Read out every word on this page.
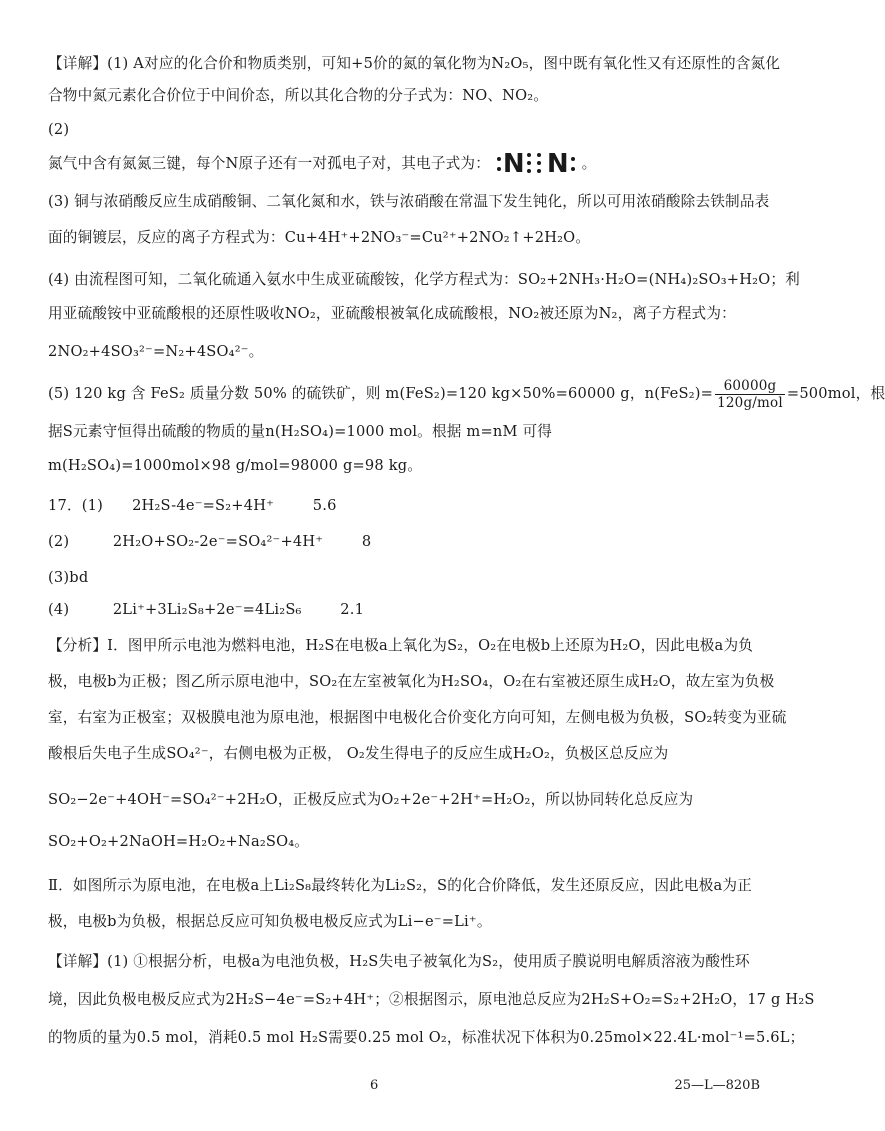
【详解】(1) A对应的化合价和物质类别，可知+5价的氮的氧化物为N₂O₅，图中既有氧化性又有还原性的含氮化
合物中氮元素化合价位于中间价态，所以其化合物的分子式为：NO、NO₂。
(2)
氮气中含有氮氮三键，每个N原子还有一对孤电子对，其电子式为： N N 。
(3) 铜与浓硝酸反应生成硝酸铜、二氧化氮和水，铁与浓硝酸在常温下发生钝化，所以可用浓硝酸除去铁制品表
面的铜镀层，反应的离子方程式为：Cu+4H⁺+2NO₃⁻=Cu²⁺+2NO₂↑+2H₂O。
(4) 由流程图可知，二氧化硫通入氨水中生成亚硫酸铵，化学方程式为：SO₂+2NH₃·H₂O=(NH₄)₂SO₃+H₂O；利
用亚硫酸铵中亚硫酸根的还原性吸收NO₂，亚硫酸根被氧化成硫酸根，NO₂被还原为N₂，离子方程式为：
2NO₂+4SO₃²⁻=N₂+4SO₄²⁻。
(5) 120 kg 含 FeS₂ 质量分数 50% 的硫铁矿，则 m(FeS₂)=120 kg×50%=60000 g，$n(FeS_2)= \frac{60000g}{\text{120g/mol}} =500mol$，根
据S元素守恒得出硫酸的物质的量n(H₂SO₄)=1000 mol。根据 m=nM 可得
m(H₂SO₄)=1000mol×98 g/mol=98000 g=98 kg。
17．(1)      2H₂S-4e⁻=S₂+4H⁺        5.6
(2)         2H₂O+SO₂-2e⁻=SO₄²⁻+4H⁺        8
(3)bd
(4)         2Li⁺+3Li₂S₈+2e⁻=4Li₂S₆        2.1
【分析】Ⅰ．图甲所示电池为燃料电池，H₂S在电极a上氧化为S₂，O₂在电极b上还原为H₂O，因此电极a为负
极，电极b为正极；图乙所示原电池中，SO₂在左室被氧化为H₂SO₄，O₂在右室被还原生成H₂O，故左室为负极
室，右室为正极室；双极膜电池为原电池，根据图中电极化合价变化方向可知，左侧电极为负极，SO₂转变为亚硫
酸根后失电子生成SO₄²⁻，右侧电极为正极， O₂发生得电子的反应生成H₂O₂，负极区总反应为
SO₂−2e⁻+4OH⁻=SO₄²⁻+2H₂O，正极反应式为O₂+2e⁻+2H⁺=H₂O₂，所以协同转化总反应为
SO₂+O₂+2NaOH=H₂O₂+Na₂SO₄。
Ⅱ．如图所示为原电池，在电极a上Li₂S₈最终转化为Li₂S₂，S的化合价降低，发生还原反应，因此电极a为正
极，电极b为负极，根据总反应可知负极电极反应式为Li−e⁻=Li⁺。
【详解】(1) ①根据分析，电极a为电池负极，H₂S失电子被氧化为S₂，使用质子膜说明电解质溶液为酸性环
境，因此负极电极反应式为2H₂S−4e⁻=S₂+4H⁺；②根据图示，原电池总反应为2H₂S+O₂=S₂+2H₂O，17 g H₂S
的物质的量为0.5 mol，消耗0.5 mol H₂S需要0.25 mol O₂，标准状况下体积为0.25mol×22.4L·mol⁻¹=5.6L；
6	25—L—820B
